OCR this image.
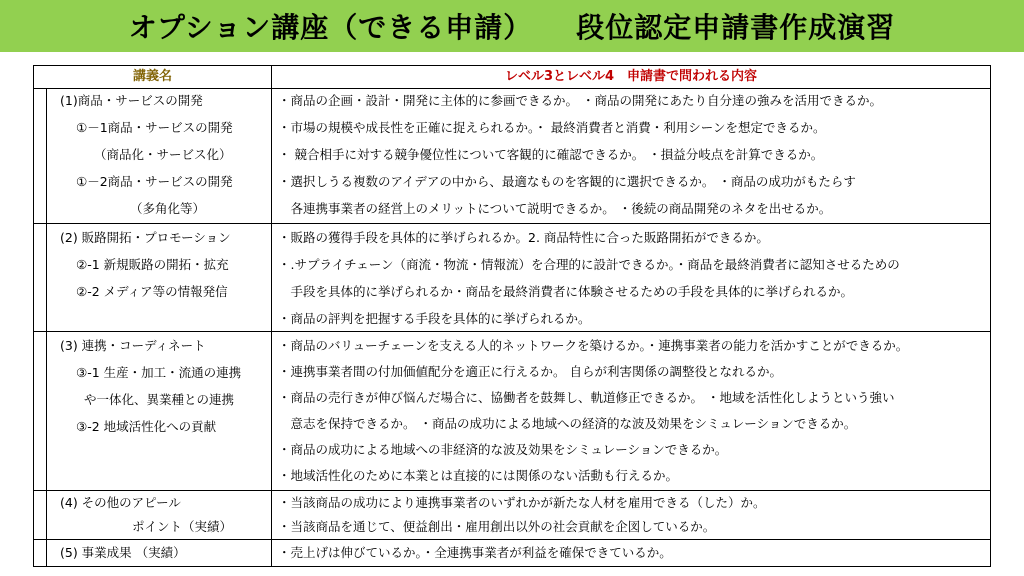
オプション講座（できる申請）　　段位認定申請書作成演習
講義名	レベル3とレベル4　申請書で問われる内容
(1)商品・サービスの開発
①－1商品・サービスの開発
（商品化・サービス化）
①－2商品・サービスの開発
（多角化等）
・商品の企画・設計・開発に主体的に参画できるか。 ・商品の開発にあたり自分達の強みを活用できるか。
・市場の規模や成長性を正確に捉えられるか。・ 最終消費者と消費・利用シーンを想定できるか。
・ 競合相手に対する競争優位性について客観的に確認できるか。 ・損益分岐点を計算できるか。
・選択しうる複数のアイデアの中から、最適なものを客観的に選択できるか。 ・商品の成功がもたらす
　各連携事業者の経営上のメリットについて説明できるか。 ・後続の商品開発のネタを出せるか。
(2) 販路開拓・プロモーション
②-1 新規販路の開拓・拡充
②-2 メディア等の情報発信
・販路の獲得手段を具体的に挙げられるか。2. 商品特性に合った販路開拓ができるか。
・.サプライチェーン（商流・物流・情報流）を合理的に設計できるか。・商品を最終消費者に認知させるための
　手段を具体的に挙げられるか・商品を最終消費者に体験させるための手段を具体的に挙げられるか。
・商品の評判を把握する手段を具体的に挙げられるか。
(3) 連携・コーディネート
③-1 生産・加工・流通の連携
や一体化、異業種との連携
③-2 地域活性化への貢献
・商品のバリューチェーンを支える人的ネットワークを築けるか。・連携事業者の能力を活かすことができるか。
・連携事業者間の付加価値配分を適正に行えるか。 自らが利害関係の調整役となれるか。
・商品の売行きが伸び悩んだ場合に、協働者を鼓舞し、軌道修正できるか。 ・地域を活性化しようという強い
　意志を保持できるか。 ・商品の成功による地域への経済的な波及効果をシミュレーションできるか。
・商品の成功による地域への非経済的な波及効果をシミュレーションできるか。
・地域活性化のために本業とは直接的には関係のない活動も行えるか。
(4) その他のアピール
ポイント（実績）
・当該商品の成功により連携事業者のいずれかが新たな人材を雇用できる（した）か。
・当該商品を通じて、便益創出・雇用創出以外の社会貢献を企図しているか。
(5) 事業成果 （実績）	・売上げは伸びているか。・全連携事業者が利益を確保できているか。
